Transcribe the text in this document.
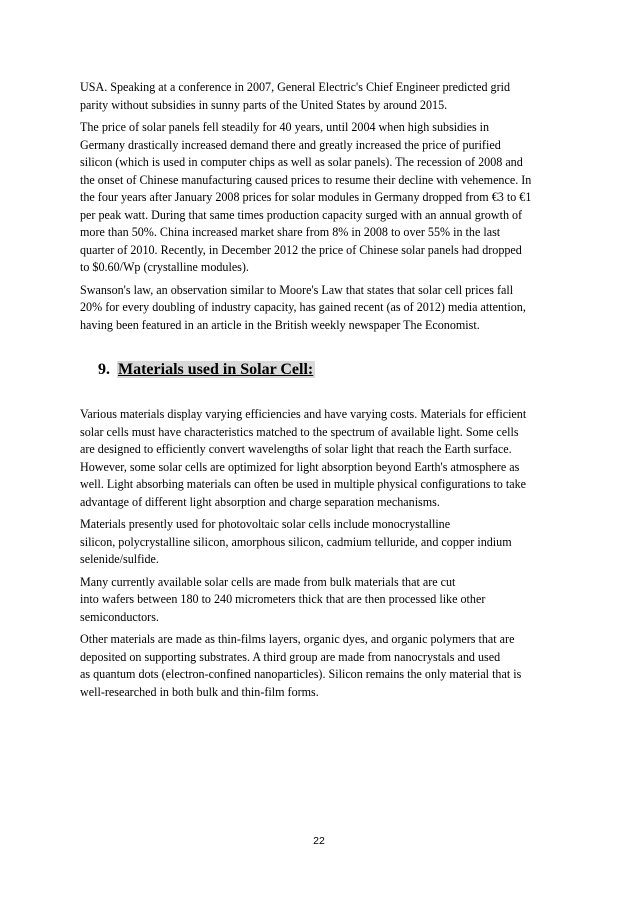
USA. Speaking at a conference in 2007, General Electric's Chief Engineer predicted grid
parity without subsidies in sunny parts of the United States by around 2015.

The price of solar panels fell steadily for 40 years, until 2004 when high subsidies in
Germany drastically increased demand there and greatly increased the price of purified
silicon (which is used in computer chips as well as solar panels). The recession of 2008 and
the onset of Chinese manufacturing caused prices to resume their decline with vehemence. In
the four years after January 2008 prices for solar modules in Germany dropped from €3 to €1
per peak watt. During that same times production capacity surged with an annual growth of
more than 50%. China increased market share from 8% in 2008 to over 55% in the last
quarter of 2010. Recently, in December 2012 the price of Chinese solar panels had dropped
to $0.60/Wp (crystalline modules).

Swanson's law, an observation similar to Moore's Law that states that solar cell prices fall
20% for every doubling of industry capacity, has gained recent (as of 2012) media attention,
having been featured in an article in the British weekly newspaper The Economist.

9. Materials used in Solar Cell:

Various materials display varying efficiencies and have varying costs. Materials for efficient
solar cells must have characteristics matched to the spectrum of available light. Some cells
are designed to efficiently convert wavelengths of solar light that reach the Earth surface.
However, some solar cells are optimized for light absorption beyond Earth's atmosphere as
well. Light absorbing materials can often be used in multiple physical configurations to take
advantage of different light absorption and charge separation mechanisms.

Materials presently used for photovoltaic solar cells include monocrystalline
silicon, polycrystalline silicon, amorphous silicon, cadmium telluride, and copper indium
selenide/sulfide.

Many currently available solar cells are made from bulk materials that are cut
into wafers between 180 to 240 micrometers thick that are then processed like other
semiconductors.

Other materials are made as thin-films layers, organic dyes, and organic polymers that are
deposited on supporting substrates. A third group are made from nanocrystals and used
as quantum dots (electron-confined nanoparticles). Silicon remains the only material that is
well-researched in both bulk and thin-film forms.

22
